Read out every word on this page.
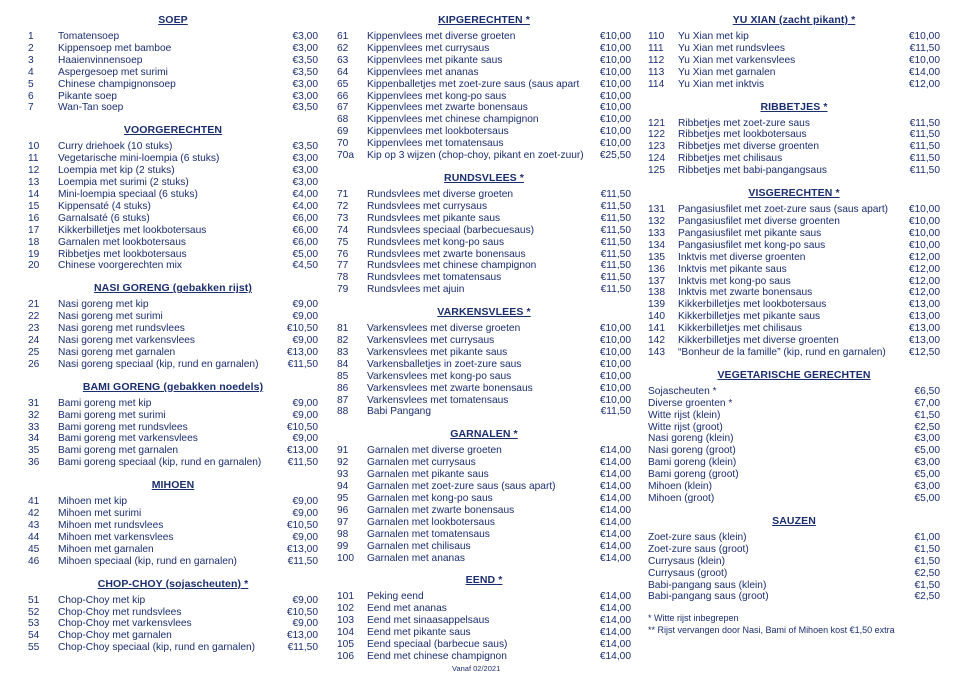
SOEP
1	Tomatensoep	€3,00
2	Kippensoep met bamboe	€3,00
3	Haaienvinnensoep	€3,50
4	Aspergesoep met surimi	€3,50
5	Chinese champignonsoep	€3,00
6	Pikante soep	€3,00
7	Wan-Tan soep	€3,50
VOORGERECHTEN
10	Curry driehoek (10 stuks)	€3,50
11	Vegetarische mini-loempia (6 stuks)	€3,00
12	Loempia met kip (2 stuks)	€3,00
13	Loempia met surimi (2 stuks)	€3,00
14	Mini-loempia speciaal (6 stuks)	€4,00
15	Kippensaté (4 stuks)	€4,00
16	Garnalsaté (6 stuks)	€6,00
17	Kikkerbilletjes met lookbotersaus	€6,00
18	Garnalen met lookbotersaus	€6,00
19	Ribbetjes met lookbotersaus	€5,00
20	Chinese voorgerechten mix	€4,50
NASI GORENG (gebakken rijst)
21	Nasi goreng met kip	€9,00
22	Nasi goreng met surimi	€9,00
23	Nasi goreng met rundsvlees	€10,50
24	Nasi goreng met varkensvlees	€9,00
25	Nasi goreng met garnalen	€13,00
26	Nasi goreng speciaal (kip, rund en garnalen)	€11,50
BAMI GORENG (gebakken noedels)
31	Bami goreng met kip	€9,00
32	Bami goreng met surimi	€9,00
33	Bami goreng met rundsvlees	€10,50
34	Bami goreng met varkensvlees	€9,00
35	Bami goreng met garnalen	€13,00
36	Bami goreng speciaal (kip, rund en garnalen)	€11,50
MIHOEN
41	Mihoen met kip	€9,00
42	Mihoen met surimi	€9,00
43	Mihoen met rundsvlees	€10,50
44	Mihoen met varkensvlees	€9,00
45	Mihoen met garnalen	€13,00
46	Mihoen speciaal (kip, rund en garnalen)	€11,50
CHOP-CHOY (sojascheuten) *
51	Chop-Choy met kip	€9,00
52	Chop-Choy met rundsvlees	€10,50
53	Chop-Choy met varkensvlees	€9,00
54	Chop-Choy met garnalen	€13,00
55	Chop-Choy speciaal (kip, rund en garnalen)	€11,50
KIPGERECHTEN *
61	Kippenvlees met diverse groeten	€10,00
62	Kippenvlees met currysaus	€10,00
63	Kippenvlees met pikante saus	€10,00
64	Kippenvlees met ananas	€10,00
65	Kippenballetjes met zoet-zure saus (saus apart	€10,00
66	Kippenvlees met kong-po saus	€10,00
67	Kippenvlees met zwarte bonensaus	€10,00
68	Kippenvlees met chinese champignon	€10,00
69	Kippenvlees met lookbotersaus	€10,00
70	Kippenvlees met tomatensaus	€10,00
70a	Kip op 3 wijzen (chop-choy, pikant en zoet-zuur)	€25,50
RUNDSVLEES *
71	Rundsvlees met diverse groeten	€11,50
72	Rundsvlees met currysaus	€11,50
73	Rundsvlees met pikante saus	€11,50
74	Rundsvlees speciaal (barbecuesaus)	€11,50
75	Rundsvlees met kong-po saus	€11,50
76	Rundsvlees met zwarte bonensaus	€11,50
77	Rundsvlees met chinese champignon	€11,50
78	Rundsvlees met tomatensaus	€11,50
79	Rundsvlees met ajuin	€11,50
VARKENSVLEES *
81	Varkensvlees met diverse groeten	€10,00
82	Varkensvlees met currysaus	€10,00
83	Varkensvlees met pikante saus	€10,00
84	Varkensballetjes in zoet-zure saus	€10,00
85	Varkensvlees met kong-po saus	€10,00
86	Varkensvlees met zwarte bonensaus	€10,00
87	Varkensvlees met tomatensaus	€10,00
88	Babi Pangang	€11,50
GARNALEN *
91	Garnalen met diverse groeten	€14,00
92	Garnalen met currysaus	€14,00
93	Garnalen met pikante saus	€14,00
94	Garnalen met zoet-zure saus (saus apart)	€14,00
95	Garnalen met kong-po saus	€14,00
96	Garnalen met zwarte bonensaus	€14,00
97	Garnalen met lookbotersaus	€14,00
98	Garnalen met tomatensaus	€14,00
99	Garnalen met chilisaus	€14,00
100	Garnalen met ananas	€14,00
EEND *
101	Peking eend	€14,00
102	Eend met ananas	€14,00
103	Eend met sinaasappelsaus	€14,00
104	Eend met pikante saus	€14,00
105	Eend speciaal (barbecue saus)	€14,00
106	Eend met chinese champignon	€14,00
YU XIAN (zacht pikant) *
110	Yu Xian met kip	€10,00
111	Yu Xian met rundsvlees	€11,50
112	Yu Xian met varkensvlees	€10,00
113	Yu Xian met garnalen	€14,00
114	Yu Xian met inktvis	€12,00
RIBBETJES *
121	Ribbetjes met zoet-zure saus	€11,50
122	Ribbetjes met lookbotersaus	€11,50
123	Ribbetjes met diverse groenten	€11,50
124	Ribbetjes met chilisaus	€11,50
125	Ribbetjes met babi-pangangsaus	€11,50
VISGERECHTEN *
131	Pangasiusfilet met zoet-zure saus (saus apart)	€10,00
132	Pangasiusfilet met diverse groenten	€10,00
133	Pangasiusfilet met pikante saus	€10,00
134	Pangasiusfilet met kong-po saus	€10,00
135	Inktvis met diverse groenten	€12,00
136	Inktvis met pikante saus	€12,00
137	Inktvis met kong-po saus	€12,00
138	Inktvis met zwarte bonensaus	€12,00
139	Kikkerbilletjes met lookbotersaus	€13,00
140	Kikkerbilletjes met pikante saus	€13,00
141	Kikkerbilletjes met chilisaus	€13,00
142	Kikkerbilletjes met diverse groenten	€13,00
143	“Bonheur de la famille” (kip, rund en garnalen)	€12,50
VEGETARISCHE GERECHTEN
Sojascheuten *	€6,50
Diverse groenten *	€7,00
Witte rijst (klein)	€1,50
Witte rijst (groot)	€2,50
Nasi goreng (klein)	€3,00
Nasi goreng (groot)	€5,00
Bami goreng (klein)	€3,00
Bami goreng (groot)	€5,00
Mihoen (klein)	€3,00
Mihoen (groot)	€5,00
SAUZEN
Zoet-zure saus (klein)	€1,00
Zoet-zure saus (groot)	€1,50
Currysaus (klein)	€1,50
Currysaus (groot)	€2,50
Babi-pangang saus (klein)	€1,50
Babi-pangang saus (groot)	€2,50
* Witte rijst inbegrepen
** Rijst vervangen door Nasi, Bami of Mihoen kost €1,50 extra
Vanaf 02/2021
